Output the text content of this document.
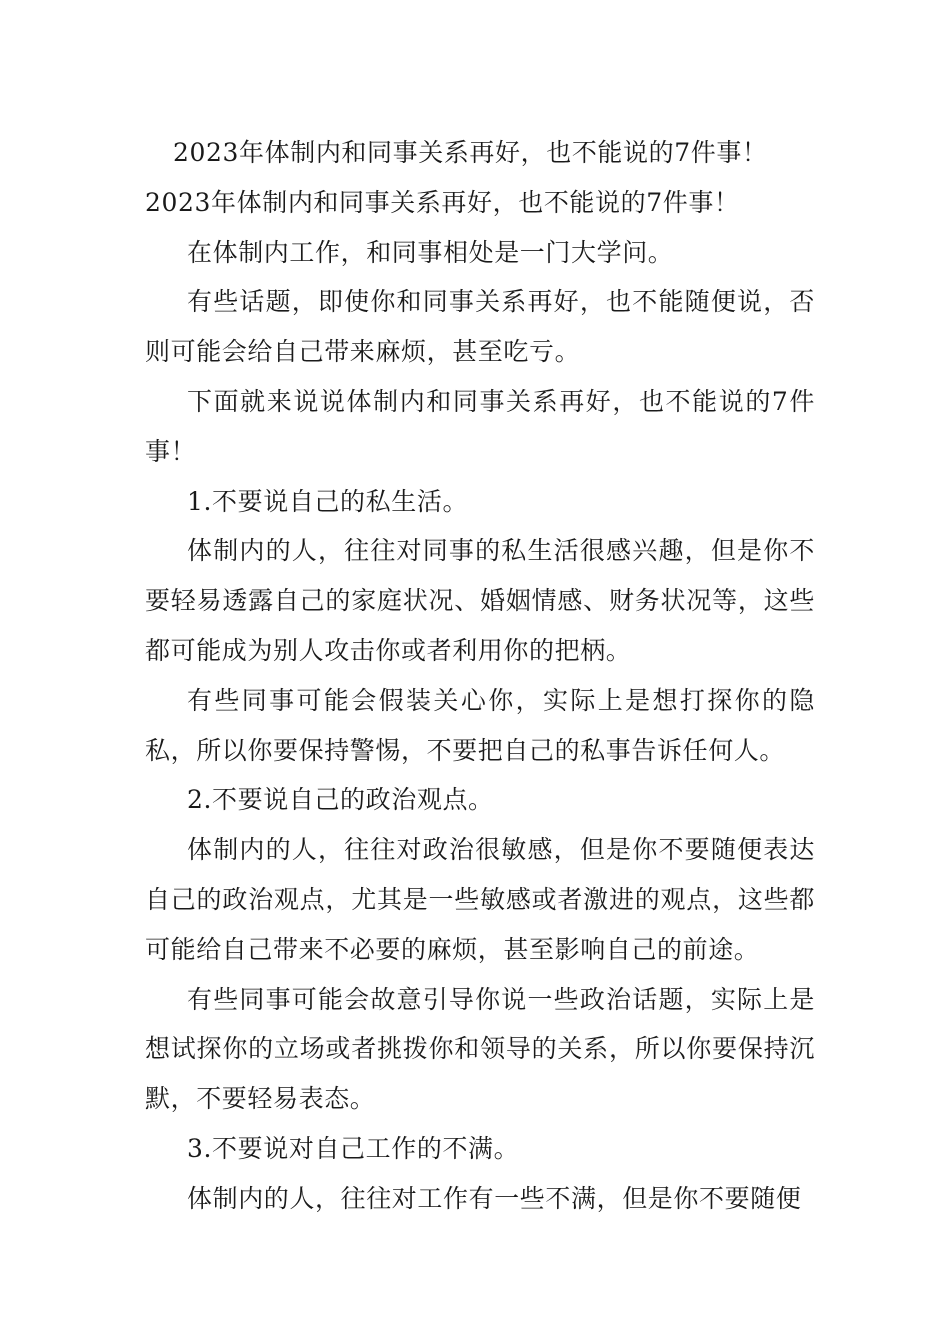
2023年体制内和同事关系再好，也不能说的7件事！

2023年体制内和同事关系再好，也不能说的7件事！

在体制内工作，和同事相处是一门大学问。

有些话题，即使你和同事关系再好，也不能随便说，否则可能会给自己带来麻烦，甚至吃亏。

下面就来说说体制内和同事关系再好，也不能说的7件事！

1.不要说自己的私生活。

体制内的人，往往对同事的私生活很感兴趣，但是你不要轻易透露自己的家庭状况、婚姻情感、财务状况等，这些都可能成为别人攻击你或者利用你的把柄。

有些同事可能会假装关心你，实际上是想打探你的隐私，所以你要保持警惕，不要把自己的私事告诉任何人。

2.不要说自己的政治观点。

体制内的人，往往对政治很敏感，但是你不要随便表达自己的政治观点，尤其是一些敏感或者激进的观点，这些都可能给自己带来不必要的麻烦，甚至影响自己的前途。

有些同事可能会故意引导你说一些政治话题，实际上是想试探你的立场或者挑拨你和领导的关系，所以你要保持沉默，不要轻易表态。

3.不要说对自己工作的不满。

体制内的人，往往对工作有一些不满，但是你不要随便
